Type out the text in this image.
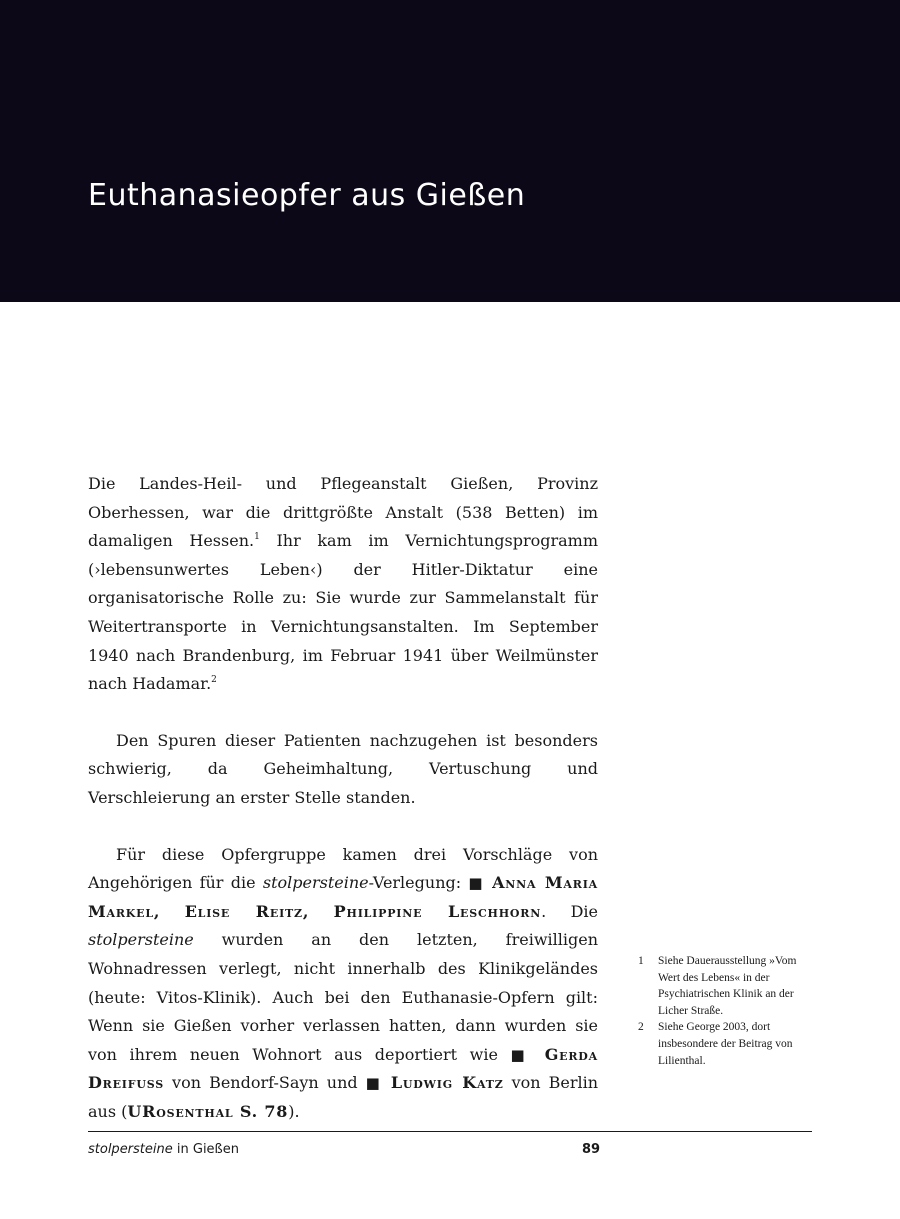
Euthanasieopfer aus Gießen

Die Landes-Heil- und Pflegeanstalt Gießen, Provinz Oberhessen, war die drittgrößte Anstalt (538 Betten) im damaligen Hessen.$^1$ Ihr kam im Vernichtungsprogramm (›lebensunwertes Leben‹) der Hitler-Diktatur eine organisatorische Rolle zu: Sie wurde zur Sammelanstalt für Weitertransporte in Vernichtungsanstalten. Im September 1940 nach Brandenburg, im Februar 1941 über Weilmünster nach Hadamar.$^2$

Den Spuren dieser Patienten nachzugehen ist besonders schwierig, da Geheimhaltung, Vertuschung und Verschleierung an erster Stelle standen.

Für diese Opfergruppe kamen drei Vorschläge von Angehörigen für die stolpersteine-Verlegung: ■ Anna Maria Markel, Elise Reitz, Philippine Leschhorn. Die stolpersteine wurden an den letzten, freiwilligen Wohnadressen verlegt, nicht innerhalb des Klinikgeländes (heute: Vitos-Klinik). Auch bei den Euthanasie-Opfern gilt: Wenn sie Gießen vorher verlassen hatten, dann wurden sie von ihrem neuen Wohnort aus deportiert wie ■ Gerda Dreifuss von Bendorf-Sayn und ■ Ludwig Katz von Berlin aus (URosenthal S. 78).

1	Siehe Dauerausstellung »Vom Wert des Lebens« in der Psychiatrischen Klinik an der Licher Straße.
2	Siehe George 2003, dort insbesondere der Beitrag von Lilienthal.
stolpersteine in Gießen	89
